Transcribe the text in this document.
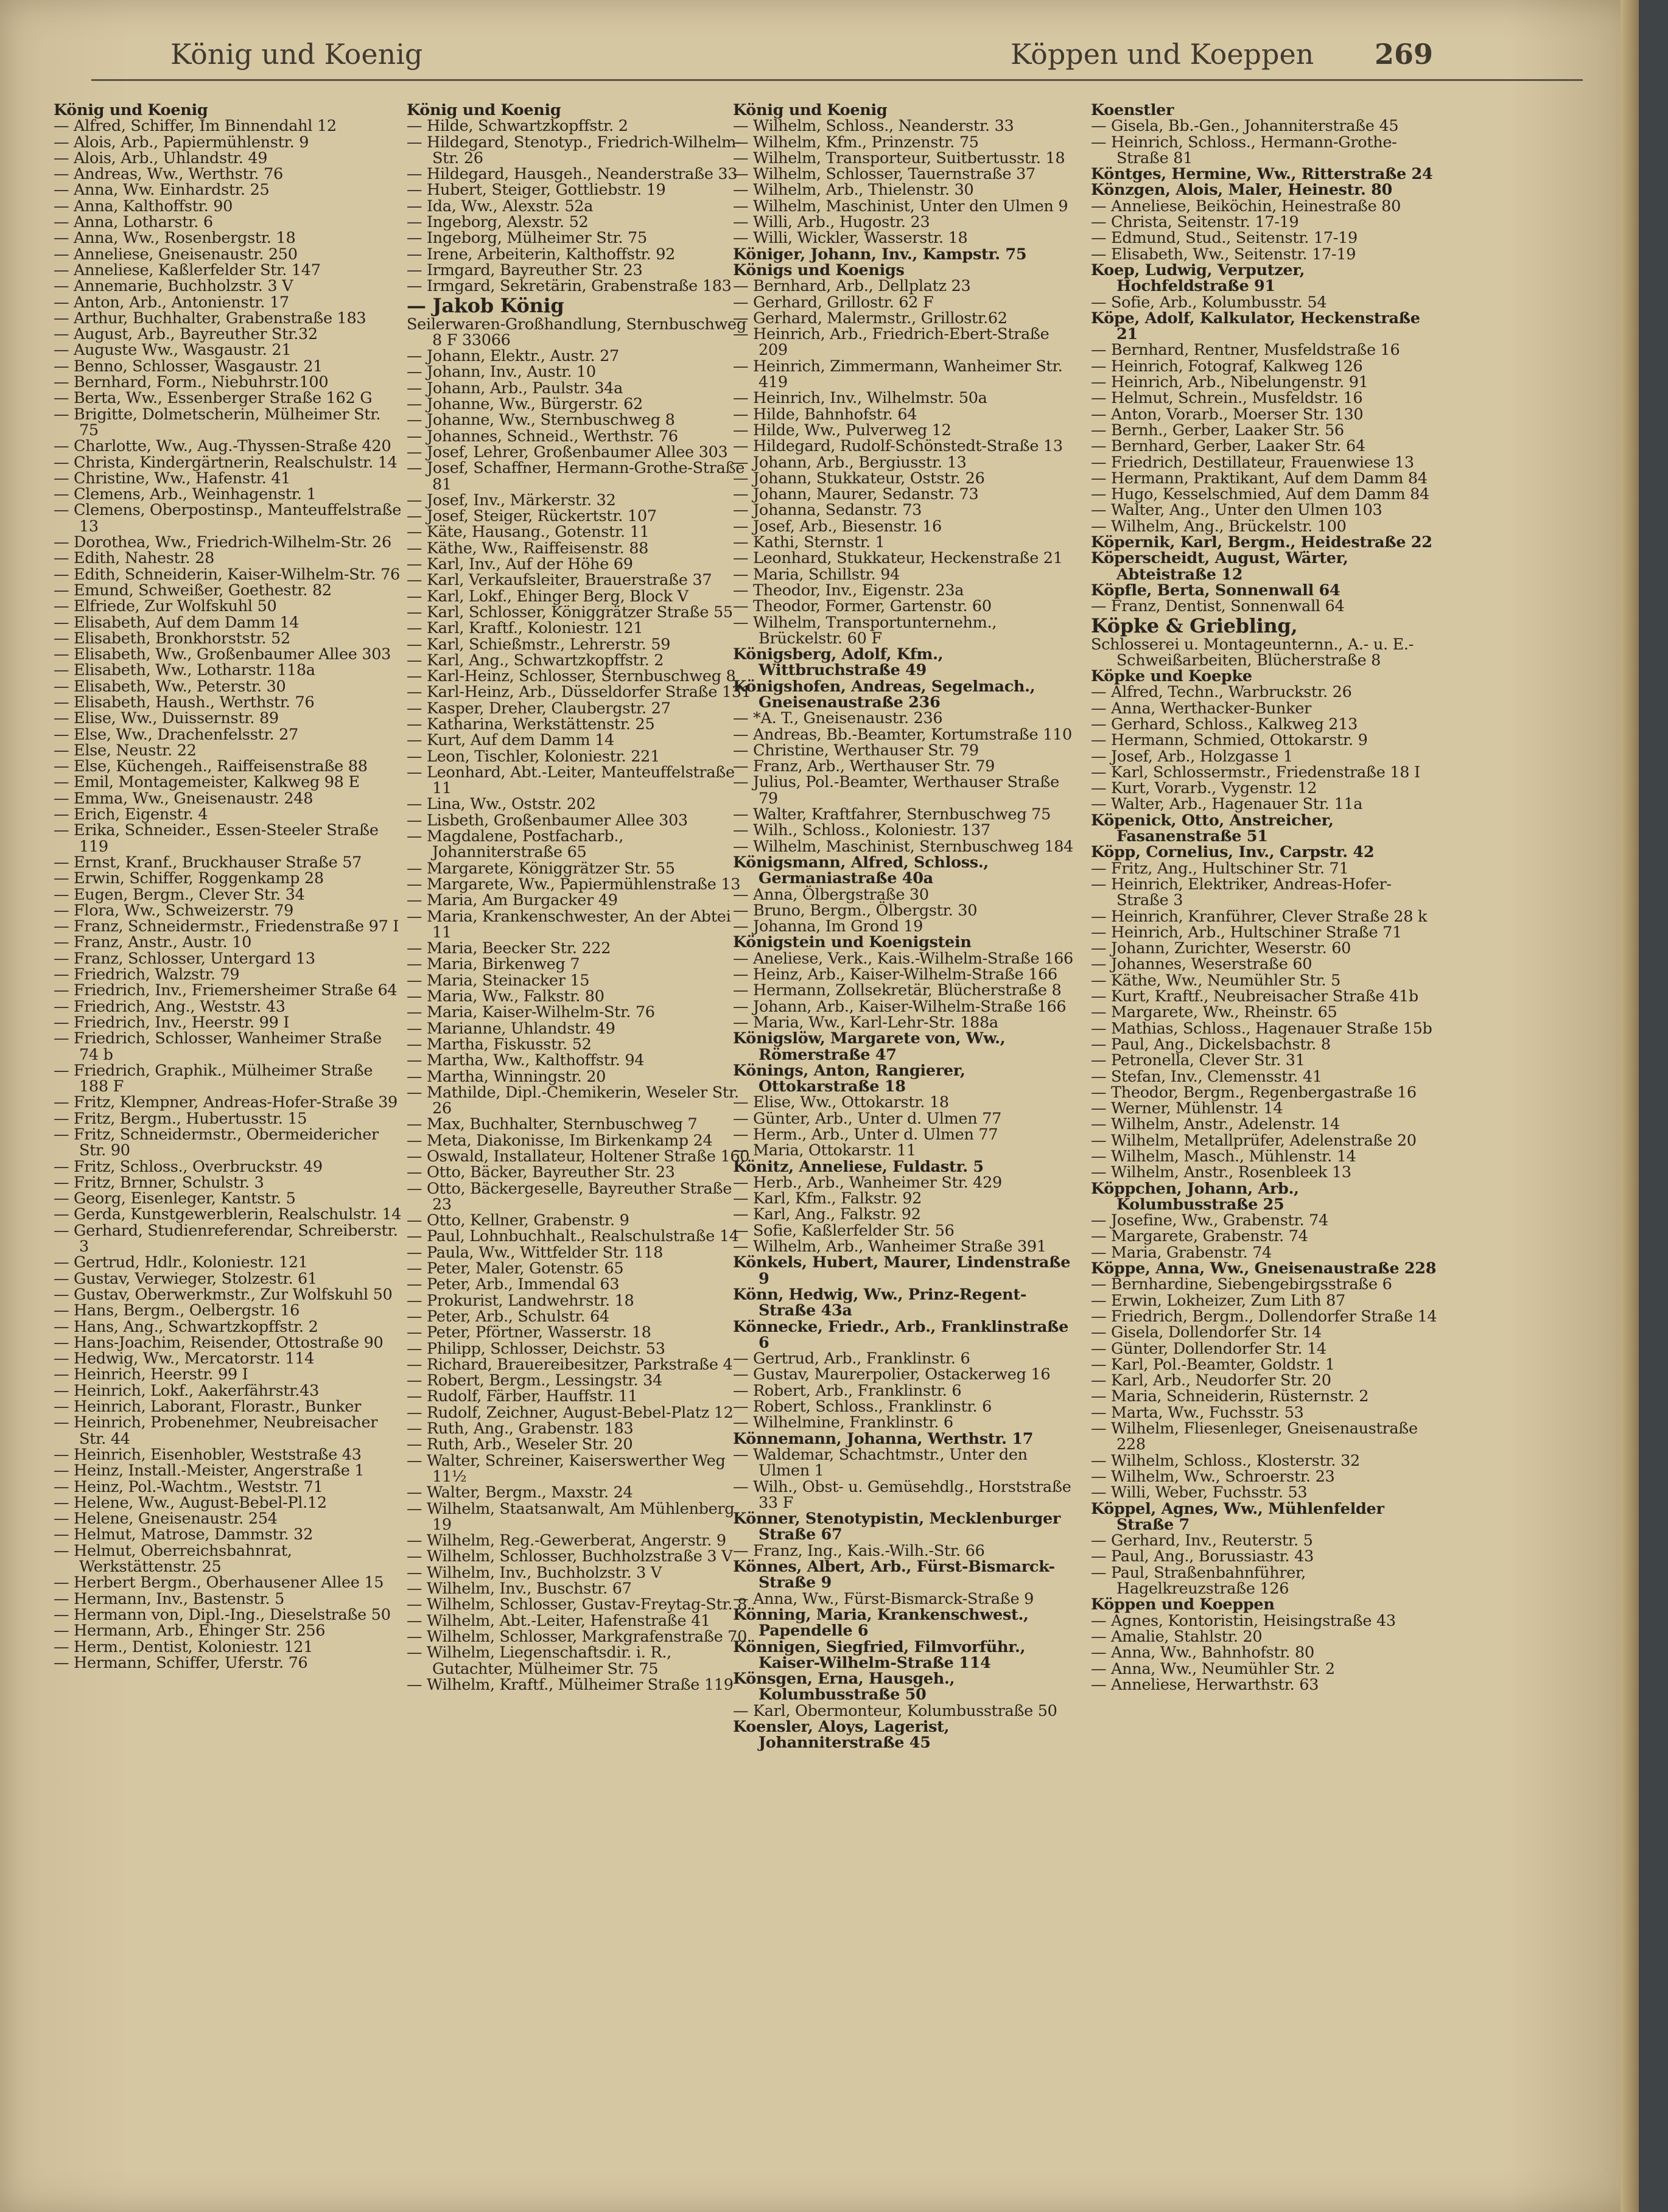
König und Koenig	Köppen und Koeppen 269

König und Koenig

— Alfred, Schiffer, Im Binnendahl 12

— Alois, Arb., Papiermühlenstr. 9

— Alois, Arb., Uhlandstr. 49

— Andreas, Ww., Werthstr. 76

— Anna, Ww. Einhardstr. 25

— Anna, Kalthoffstr. 90

— Anna, Lotharstr. 6

— Anna, Ww., Rosenbergstr. 18

— Anneliese, Gneisenaustr. 250

— Anneliese, Kaßlerfelder Str. 147

— Annemarie, Buchholzstr. 3 V

— Anton, Arb., Antonienstr. 17

— Arthur, Buchhalter, Grabenstraße 183

— August, Arb., Bayreuther Str.32

— Auguste Ww., Wasgaustr. 21

— Benno, Schlosser, Wasgaustr. 21

— Bernhard, Form., Niebuhrstr.100

— Berta, Ww., Essenberger Straße 162 G

— Brigitte, Dolmetscherin, Mülheimer Str. 75

— Charlotte, Ww., Aug.-Thyssen-Straße 420

— Christa, Kindergärtnerin, Realschulstr. 14

— Christine, Ww., Hafenstr. 41

— Clemens, Arb., Weinhagenstr. 1

— Clemens, Oberpostinsp., Manteuffelstraße 13

— Dorothea, Ww., Friedrich-Wilhelm-Str. 26

— Edith, Nahestr. 28

— Edith, Schneiderin, Kaiser-Wilhelm-Str. 76

— Emund, Schweißer, Goethestr. 82

— Elfriede, Zur Wolfskuhl 50

— Elisabeth, Auf dem Damm 14

— Elisabeth, Bronkhorststr. 52

— Elisabeth, Ww., Großenbaumer Allee 303

— Elisabeth, Ww., Lotharstr. 118a

— Elisabeth, Ww., Peterstr. 30

— Elisabeth, Haush., Werthstr. 76

— Elise, Ww., Duissernstr. 89

— Else, Ww., Drachenfelsstr. 27

— Else, Neustr. 22

— Else, Küchengeh., Raiffeisenstraße 88

— Emil, Montagemeister, Kalkweg 98 E

— Emma, Ww., Gneisenaustr. 248

— Erich, Eigenstr. 4

— Erika, Schneider., Essen-Steeler Straße 119

— Ernst, Kranf., Bruckhauser Straße 57

— Erwin, Schiffer, Roggenkamp 28

— Eugen, Bergm., Clever Str. 34

— Flora, Ww., Schweizerstr. 79

— Franz, Schneidermstr., Friedenstraße 97 I

— Franz, Anstr., Austr. 10

— Franz, Schlosser, Untergard 13

— Friedrich, Walzstr. 79

— Friedrich, Inv., Friemersheimer Straße 64

— Friedrich, Ang., Weststr. 43

— Friedrich, Inv., Heerstr. 99 I

— Friedrich, Schlosser, Wanheimer Straße 74 b

— Friedrich, Graphik., Mülheimer Straße 188 F

— Fritz, Klempner, Andreas-Hofer-Straße 39

— Fritz, Bergm., Hubertusstr. 15

— Fritz, Schneidermstr., Obermeidericher Str. 90

— Fritz, Schloss., Overbruckstr. 49

— Fritz, Brnner, Schulstr. 3

— Georg, Eisenleger, Kantstr. 5

— Gerda, Kunstgewerblerin, Realschulstr. 14

— Gerhard, Studienreferendar, Schreiberstr. 3

— Gertrud, Hdlr., Koloniestr. 121

— Gustav, Verwieger, Stolzestr. 61

— Gustav, Oberwerkmstr., Zur Wolfskuhl 50

— Hans, Bergm., Oelbergstr. 16

— Hans, Ang., Schwartzkopffstr. 2

— Hans-Joachim, Reisender, Ottostraße 90

— Hedwig, Ww., Mercatorstr. 114

— Heinrich, Heerstr. 99 I

— Heinrich, Lokf., Aakerfährstr.43

— Heinrich, Laborant, Florastr., Bunker

— Heinrich, Probenehmer, Neubreisacher Str. 44

— Heinrich, Eisenhobler, Weststraße 43

— Heinz, Install.-Meister, Angerstraße 1

— Heinz, Pol.-Wachtm., Weststr. 71

— Helene, Ww., August-Bebel-Pl.12

— Helene, Gneisenaustr. 254

— Helmut, Matrose, Dammstr. 32

— Helmut, Oberreichsbahnrat, Werkstättenstr. 25

— Herbert Bergm., Oberhausener Allee 15

— Hermann, Inv., Bastenstr. 5

— Hermann von, Dipl.-Ing., Dieselstraße 50

— Hermann, Arb., Ehinger Str. 256

— Herm., Dentist, Koloniestr. 121

— Hermann, Schiffer, Uferstr. 76

König und Koenig

— Hilde, Schwartzkopffstr. 2

— Hildegard, Stenotyp., Friedrich-Wilhelm-Str. 26

— Hildegard, Hausgeh., Neanderstraße 33

— Hubert, Steiger, Gottliebstr. 19

— Ida, Ww., Alexstr. 52a

— Ingeborg, Alexstr. 52

— Ingeborg, Mülheimer Str. 75

— Irene, Arbeiterin, Kalthoffstr. 92

— Irmgard, Bayreuther Str. 23

— Irmgard, Sekretärin, Grabenstraße 183

— Jakob König

Seilerwaren-Großhandlung, Sternbuschweg 8 F 33066

— Johann, Elektr., Austr. 27

— Johann, Inv., Austr. 10

— Johann, Arb., Paulstr. 34a

— Johanne, Ww., Bürgerstr. 62

— Johanne, Ww., Sternbuschweg 8

— Johannes, Schneid., Werthstr. 76

— Josef, Lehrer, Großenbaumer Allee 303

— Josef, Schaffner, Hermann-Grothe-Straße 81

— Josef, Inv., Märkerstr. 32

— Josef, Steiger, Rückertstr. 107

— Käte, Hausang., Gotenstr. 11

— Käthe, Ww., Raiffeisenstr. 88

— Karl, Inv., Auf der Höhe 69

— Karl, Verkaufsleiter, Brauerstraße 37

— Karl, Lokf., Ehinger Berg, Block V

— Karl, Schlosser, Königgrätzer Straße 55

— Karl, Kraftf., Koloniestr. 121

— Karl, Schießmstr., Lehrerstr. 59

— Karl, Ang., Schwartzkopffstr. 2

— Karl-Heinz, Schlosser, Sternbuschweg 8

— Karl-Heinz, Arb., Düsseldorfer Straße 131

— Kasper, Dreher, Claubergstr. 27

— Katharina, Werkstättenstr. 25

— Kurt, Auf dem Damm 14

— Leon, Tischler, Koloniestr. 221

— Leonhard, Abt.-Leiter, Manteuffelstraße 11

— Lina, Ww., Oststr. 202

— Lisbeth, Großenbaumer Allee 303

— Magdalene, Postfacharb., Johanniterstraße 65

— Margarete, Königgrätzer Str. 55

— Margarete, Ww., Papiermühlenstraße 13

— Maria, Am Burgacker 49

— Maria, Krankenschwester, An der Abtei 11

— Maria, Beecker Str. 222

— Maria, Birkenweg 7

— Maria, Steinacker 15

— Maria, Ww., Falkstr. 80

— Maria, Kaiser-Wilhelm-Str. 76

— Marianne, Uhlandstr. 49

— Martha, Fiskusstr. 52

— Martha, Ww., Kalthoffstr. 94

— Martha, Winningstr. 20

— Mathilde, Dipl.-Chemikerin, Weseler Str. 26

— Max, Buchhalter, Sternbuschweg 7

— Meta, Diakonisse, Im Birkenkamp 24

— Oswald, Installateur, Holtener Straße 160

— Otto, Bäcker, Bayreuther Str. 23

— Otto, Bäckergeselle, Bayreuther Straße 23

— Otto, Kellner, Grabenstr. 9

— Paul, Lohnbuchhalt., Realschulstraße 14

— Paula, Ww., Wittfelder Str. 118

— Peter, Maler, Gotenstr. 65

— Peter, Arb., Immendal 63

— Prokurist, Landwehrstr. 18

— Peter, Arb., Schulstr. 64

— Peter, Pförtner, Wasserstr. 18

— Philipp, Schlosser, Deichstr. 53

— Richard, Brauereibesitzer, Parkstraße 4

— Robert, Bergm., Lessingstr. 34

— Rudolf, Färber, Hauffstr. 11

— Rudolf, Zeichner, August-Bebel-Platz 12

— Ruth, Ang., Grabenstr. 183

— Ruth, Arb., Weseler Str. 20

— Walter, Schreiner, Kaiserswerther Weg 11½

— Walter, Bergm., Maxstr. 24

— Wilhelm, Staatsanwalt, Am Mühlenberg 19

— Wilhelm, Reg.-Gewerberat, Angerstr. 9

— Wilhelm, Schlosser, Buchholzstraße 3 V

— Wilhelm, Inv., Buchholzstr. 3 V

— Wilhelm, Inv., Buschstr. 67

— Wilhelm, Schlosser, Gustav-Freytag-Str. 8

— Wilhelm, Abt.-Leiter, Hafenstraße 41

— Wilhelm, Schlosser, Markgrafenstraße 70

— Wilhelm, Liegenschaftsdir. i. R., Gutachter, Mülheimer Str. 75

— Wilhelm, Kraftf., Mülheimer Straße 119

König und Koenig

— Wilhelm, Schloss., Neanderstr. 33

— Wilhelm, Kfm., Prinzenstr. 75

— Wilhelm, Transporteur, Suitbertusstr. 18

— Wilhelm, Schlosser, Tauernstraße 37

— Wilhelm, Arb., Thielenstr. 30

— Wilhelm, Maschinist, Unter den Ulmen 9

— Willi, Arb., Hugostr. 23

— Willi, Wickler, Wasserstr. 18

Königer, Johann, Inv., Kampstr. 75

Königs und Koenigs

— Bernhard, Arb., Dellplatz 23

— Gerhard, Grillostr. 62 F

— Gerhard, Malermstr., Grillostr.62

— Heinrich, Arb., Friedrich-Ebert-Straße 209

— Heinrich, Zimmermann, Wanheimer Str. 419

— Heinrich, Inv., Wilhelmstr. 50a

— Hilde, Bahnhofstr. 64

— Hilde, Ww., Pulverweg 12

— Hildegard, Rudolf-Schönstedt-Straße 13

— Johann, Arb., Bergiusstr. 13

— Johann, Stukkateur, Oststr. 26

— Johann, Maurer, Sedanstr. 73

— Johanna, Sedanstr. 73

— Josef, Arb., Biesenstr. 16

— Kathi, Sternstr. 1

— Leonhard, Stukkateur, Heckenstraße 21

— Maria, Schillstr. 94

— Theodor, Inv., Eigenstr. 23a

— Theodor, Former, Gartenstr. 60

— Wilhelm, Transportunternehm., Brückelstr. 60 F

Königsberg, Adolf, Kfm., Wittbruchstraße 49

Königshofen, Andreas, Segelmach., Gneisenaustraße 236

— *A. T., Gneisenaustr. 236

— Andreas, Bb.-Beamter, Kortumstraße 110

— Christine, Werthauser Str. 79

— Franz, Arb., Werthauser Str. 79

— Julius, Pol.-Beamter, Werthauser Straße 79

— Walter, Kraftfahrer, Sternbuschweg 75

— Wilh., Schloss., Koloniestr. 137

— Wilhelm, Maschinist, Sternbuschweg 184

Königsmann, Alfred, Schloss., Germaniastraße 40a

— Anna, Ölbergstraße 30

— Bruno, Bergm., Ölbergstr. 30

— Johanna, Im Grond 19

Königstein und Koenigstein

— Aneliese, Verk., Kais.-Wilhelm-Straße 166

— Heinz, Arb., Kaiser-Wilhelm-Straße 166

— Hermann, Zollsekretär, Blücherstraße 8

— Johann, Arb., Kaiser-Wilhelm-Straße 166

— Maria, Ww., Karl-Lehr-Str. 188a

Königslöw, Margarete von, Ww., Römerstraße 47

Könings, Anton, Rangierer, Ottokarstraße 18

— Elise, Ww., Ottokarstr. 18

— Günter, Arb., Unter d. Ulmen 77

— Herm., Arb., Unter d. Ulmen 77

— Maria, Ottokarstr. 11

Könitz, Anneliese, Fuldastr. 5

— Herb., Arb., Wanheimer Str. 429

— Karl, Kfm., Falkstr. 92

— Karl, Ang., Falkstr. 92

— Sofie, Kaßlerfelder Str. 56

— Wilhelm, Arb., Wanheimer Straße 391

Könkels, Hubert, Maurer, Lindenstraße 9

Könn, Hedwig, Ww., Prinz-Regent-Straße 43a

Könnecke, Friedr., Arb., Franklinstraße 6

— Gertrud, Arb., Franklinstr. 6

— Gustav, Maurerpolier, Ostackerweg 16

— Robert, Arb., Franklinstr. 6

— Robert, Schloss., Franklinstr. 6

— Wilhelmine, Franklinstr. 6

Könnemann, Johanna, Werthstr. 17

— Waldemar, Schachtmstr., Unter den Ulmen 1

— Wilh., Obst- u. Gemüsehdlg., Horststraße 33 F

Könner, Stenotypistin, Mecklenburger Straße 67

— Franz, Ing., Kais.-Wilh.-Str. 66

Könnes, Albert, Arb., Fürst-Bismarck-Straße 9

— Anna, Ww., Fürst-Bismarck-Straße 9

Könning, Maria, Krankenschwest., Papendelle 6

Könnigen, Siegfried, Filmvorführ., Kaiser-Wilhelm-Straße 114

Könsgen, Erna, Hausgeh., Kolumbusstraße 50

— Karl, Obermonteur, Kolumbusstraße 50

Koensler, Aloys, Lagerist, Johanniterstraße 45

Koenstler

— Gisela, Bb.-Gen., Johanniterstraße 45

— Heinrich, Schloss., Hermann-Grothe-Straße 81

Köntges, Hermine, Ww., Ritterstraße 24

Könzgen, Alois, Maler, Heinestr. 80

— Anneliese, Beiköchin, Heinestraße 80

— Christa, Seitenstr. 17-19

— Edmund, Stud., Seitenstr. 17-19

— Elisabeth, Ww., Seitenstr. 17-19

Koep, Ludwig, Verputzer, Hochfeldstraße 91

— Sofie, Arb., Kolumbusstr. 54

Köpe, Adolf, Kalkulator, Heckenstraße 21

— Bernhard, Rentner, Musfeldstraße 16

— Heinrich, Fotograf, Kalkweg 126

— Heinrich, Arb., Nibelungenstr. 91

— Helmut, Schrein., Musfeldstr. 16

— Anton, Vorarb., Moerser Str. 130

— Bernh., Gerber, Laaker Str. 56

— Bernhard, Gerber, Laaker Str. 64

— Friedrich, Destillateur, Frauenwiese 13

— Hermann, Praktikant, Auf dem Damm 84

— Hugo, Kesselschmied, Auf dem Damm 84

— Walter, Ang., Unter den Ulmen 103

— Wilhelm, Ang., Brückelstr. 100

Köpernik, Karl, Bergm., Heidestraße 22

Köperscheidt, August, Wärter, Abteistraße 12

Köpfle, Berta, Sonnenwall 64

— Franz, Dentist, Sonnenwall 64

Köpke & Griebling,

Schlosserei u. Montageunternn., A.- u. E.-Schweißarbeiten, Blücherstraße 8

Köpke und Koepke

— Alfred, Techn., Warbruckstr. 26

— Anna, Werthacker-Bunker

— Gerhard, Schloss., Kalkweg 213

— Hermann, Schmied, Ottokarstr. 9

— Josef, Arb., Holzgasse 1

— Karl, Schlossermstr., Friedenstraße 18 I

— Kurt, Vorarb., Vygenstr. 12

— Walter, Arb., Hagenauer Str. 11a

Köpenick, Otto, Anstreicher, Fasanenstraße 51

Köpp, Cornelius, Inv., Carpstr. 42

— Fritz, Ang., Hultschiner Str. 71

— Heinrich, Elektriker, Andreas-Hofer-Straße 3

— Heinrich, Kranführer, Clever Straße 28 k

— Heinrich, Arb., Hultschiner Straße 71

— Johann, Zurichter, Weserstr. 60

— Johannes, Weserstraße 60

— Käthe, Ww., Neumühler Str. 5

— Kurt, Kraftf., Neubreisacher Straße 41b

— Margarete, Ww., Rheinstr. 65

— Mathias, Schloss., Hagenauer Straße 15b

— Paul, Ang., Dickelsbachstr. 8

— Petronella, Clever Str. 31

— Stefan, Inv., Clemensstr. 41

— Theodor, Bergm., Regenbergastraße 16

— Werner, Mühlenstr. 14

— Wilhelm, Anstr., Adelenstr. 14

— Wilhelm, Metallprüfer, Adelenstraße 20

— Wilhelm, Masch., Mühlenstr. 14

— Wilhelm, Anstr., Rosenbleek 13

Köppchen, Johann, Arb., Kolumbusstraße 25

— Josefine, Ww., Grabenstr. 74

— Margarete, Grabenstr. 74

— Maria, Grabenstr. 74

Köppe, Anna, Ww., Gneisenaustraße 228

— Bernhardine, Siebengebirgsstraße 6

— Erwin, Lokheizer, Zum Lith 87

— Friedrich, Bergm., Dollendorfer Straße 14

— Gisela, Dollendorfer Str. 14

— Günter, Dollendorfer Str. 14

— Karl, Pol.-Beamter, Goldstr. 1

— Karl, Arb., Neudorfer Str. 20

— Maria, Schneiderin, Rüsternstr. 2

— Marta, Ww., Fuchsstr. 53

— Wilhelm, Fliesenleger, Gneisenaustraße 228

— Wilhelm, Schloss., Klosterstr. 32

— Wilhelm, Ww., Schroerstr. 23

— Willi, Weber, Fuchsstr. 53

Köppel, Agnes, Ww., Mühlenfelder Straße 7

— Gerhard, Inv., Reuterstr. 5

— Paul, Ang., Borussiastr. 43

— Paul, Straßenbahnführer, Hagelkreuzstraße 126

Köppen und Koeppen

— Agnes, Kontoristin, Heisingstraße 43

— Amalie, Stahlstr. 20

— Anna, Ww., Bahnhofstr. 80

— Anna, Ww., Neumühler Str. 2

— Anneliese, Herwarthstr. 63
